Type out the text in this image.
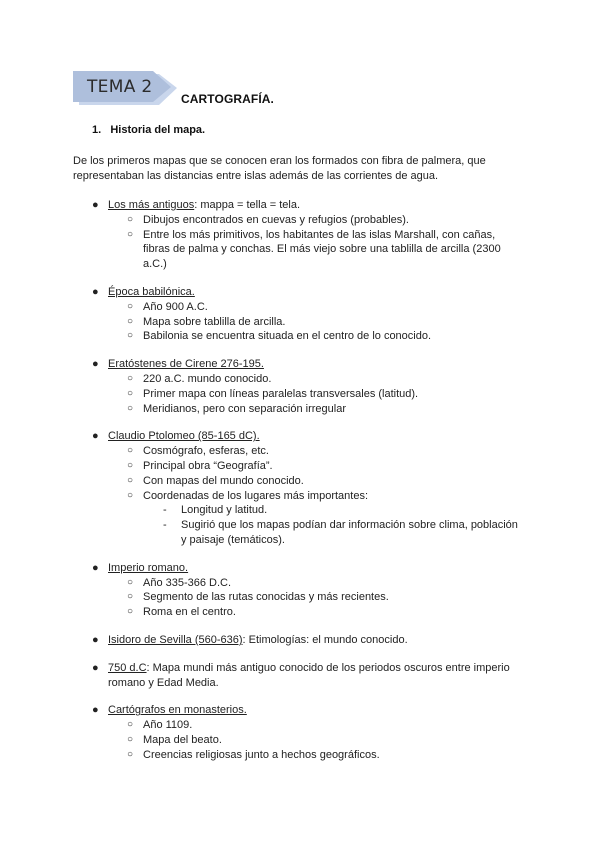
TEMA 2
CARTOGRAFÍA.
1. Historia del mapa.
De los primeros mapas que se conocen eran los formados con fibra de palmera, que representaban las distancias entre islas además de las corrientes de agua.
● Los más antiguos: mappa = tella = tela.
○ Dibujos encontrados en cuevas y refugios (probables).
○ Entre los más primitivos, los habitantes de las islas Marshall, con cañas, fibras de palma y conchas. El más viejo sobre una tablilla de arcilla (2300 a.C.)
● Época babilónica.
○ Año 900 A.C.
○ Mapa sobre tablilla de arcilla.
○ Babilonia se encuentra situada en el centro de lo conocido.
● Eratóstenes de Cirene 276-195.
○ 220 a.C. mundo conocido.
○ Primer mapa con líneas paralelas transversales (latitud).
○ Meridianos, pero con separación irregular
● Claudio Ptolomeo (85-165 dC).
○ Cosmógrafo, esferas, etc.
○ Principal obra “Geografía”.
○ Con mapas del mundo conocido.
○ Coordenadas de los lugares más importantes:
- Longitud y latitud.
- Sugirió que los mapas podían dar información sobre clima, población y paisaje (temáticos).
● Imperio romano.
○ Año 335-366 D.C.
○ Segmento de las rutas conocidas y más recientes.
○ Roma en el centro.
● Isidoro de Sevilla (560-636): Etimologías: el mundo conocido.
● 750 d.C: Mapa mundi más antiguo conocido de los periodos oscuros entre imperio romano y Edad Media.
● Cartógrafos en monasterios.
○ Año 1109.
○ Mapa del beato.
○ Creencias religiosas junto a hechos geográficos.
